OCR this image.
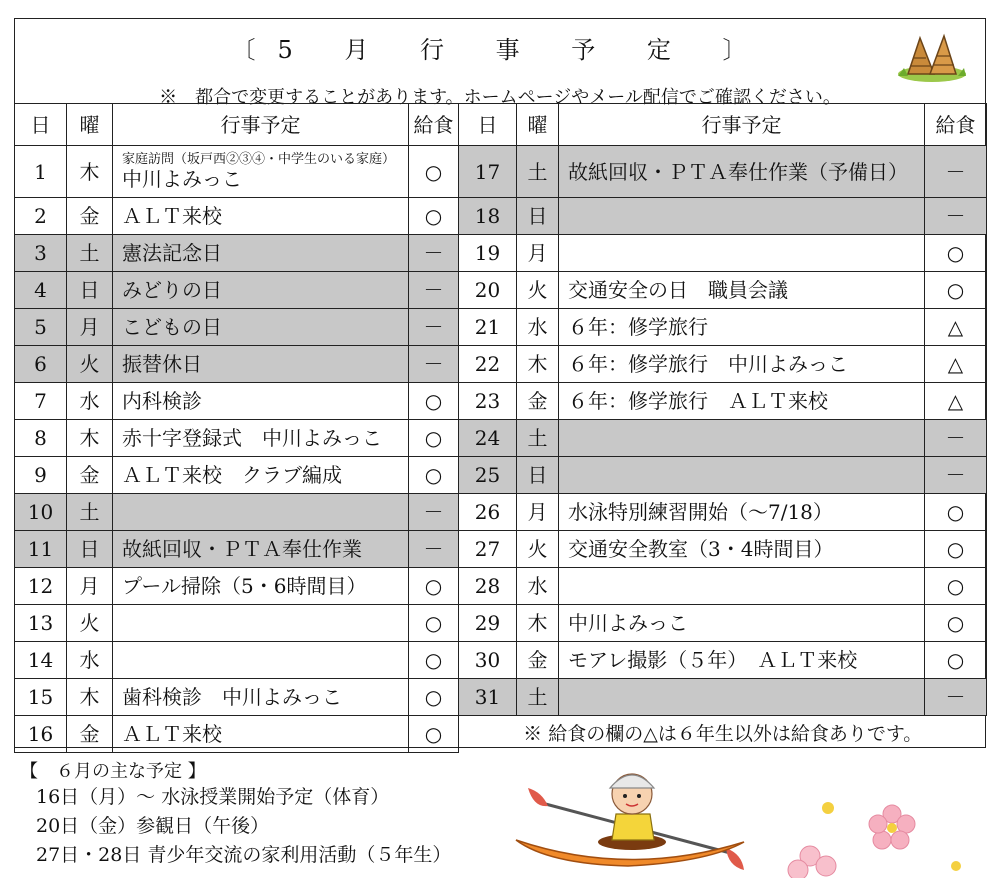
〔5 月 行 事 予 定 〕
※　都合で変更することがあります。ホームページやメール配信でご確認ください。
日	曜	行事予定	給食	日	曜	行事予定	給食
1	木	家庭訪問（坂戸西②③④・中学生のいる家庭）
中川よみっこ	○	17	土	故紙回収・ＰＴＡ奉仕作業（予備日）	－
2	金	ＡＬＴ来校	○	18	日		－
3	土	憲法記念日	－	19	月		○
4	日	みどりの日	－	20	火	交通安全の日　職員会議	○
5	月	こどもの日	－	21	水	６年：修学旅行	△
6	火	振替休日	－	22	木	６年：修学旅行　中川よみっこ	△
7	水	内科検診	○	23	金	６年：修学旅行　ＡＬＴ来校	△
8	木	赤十字登録式　中川よみっこ	○	24	土		－
9	金	ＡＬＴ来校　クラブ編成	○	25	日		－
10	土		－	26	月	水泳特別練習開始（～7/18）	○
11	日	故紙回収・ＰＴＡ奉仕作業	－	27	火	交通安全教室（3・4時間目）	○
12	月	プール掃除（5・6時間目）	○	28	水		○
13	火		○	29	木	中川よみっこ	○
14	水		○	30	金	モアレ撮影（５年）　ＡＬＴ来校	○
15	木	歯科検診　中川よみっこ	○	31	土		－
16	金	ＡＬＴ来校	○	※ 給食の欄の△は６年生以外は給食ありです。			
【　６月の主な予定 】
16日（月）～ 水泳授業開始予定（体育）
20日（金）参観日（午後）
27日・28日 青少年交流の家利用活動（５年生）
